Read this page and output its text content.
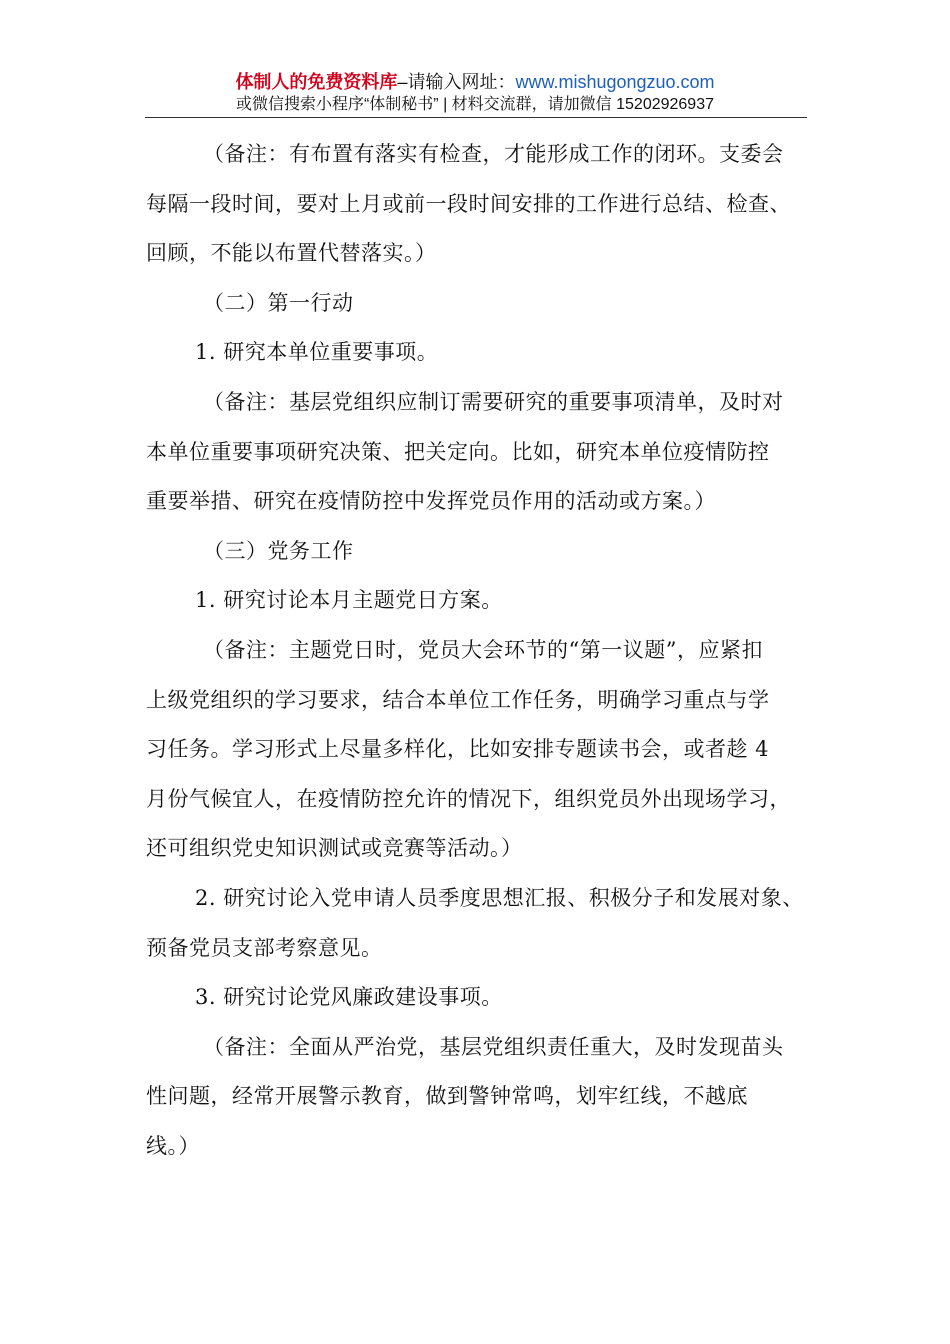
体制人的免费资料库–请输入网址：www.mishugongzuo.com
或微信搜索小程序“体制秘书” | 材料交流群，请加微信 15202926937

（备注：有布置有落实有检查，才能形成工作的闭环。支委会

每隔一段时间，要对上月或前一段时间安排的工作进行总结、检查、

回顾，不能以布置代替落实。）

（二）第一行动

1. 研究本单位重要事项。

（备注：基层党组织应制订需要研究的重要事项清单，及时对

本单位重要事项研究决策、把关定向。比如，研究本单位疫情防控

重要举措、研究在疫情防控中发挥党员作用的活动或方案。）

（三）党务工作

1. 研究讨论本月主题党日方案。

（备注：主题党日时，党员大会环节的“第一议题”，应紧扣

上级党组织的学习要求，结合本单位工作任务，明确学习重点与学

习任务。学习形式上尽量多样化，比如安排专题读书会，或者趁 4

月份气候宜人，在疫情防控允许的情况下，组织党员外出现场学习，

还可组织党史知识测试或竞赛等活动。）

2. 研究讨论入党申请人员季度思想汇报、积极分子和发展对象、

预备党员支部考察意见。

3. 研究讨论党风廉政建设事项。

（备注：全面从严治党，基层党组织责任重大，及时发现苗头

性问题，经常开展警示教育，做到警钟常鸣，划牢红线，不越底

线。）
